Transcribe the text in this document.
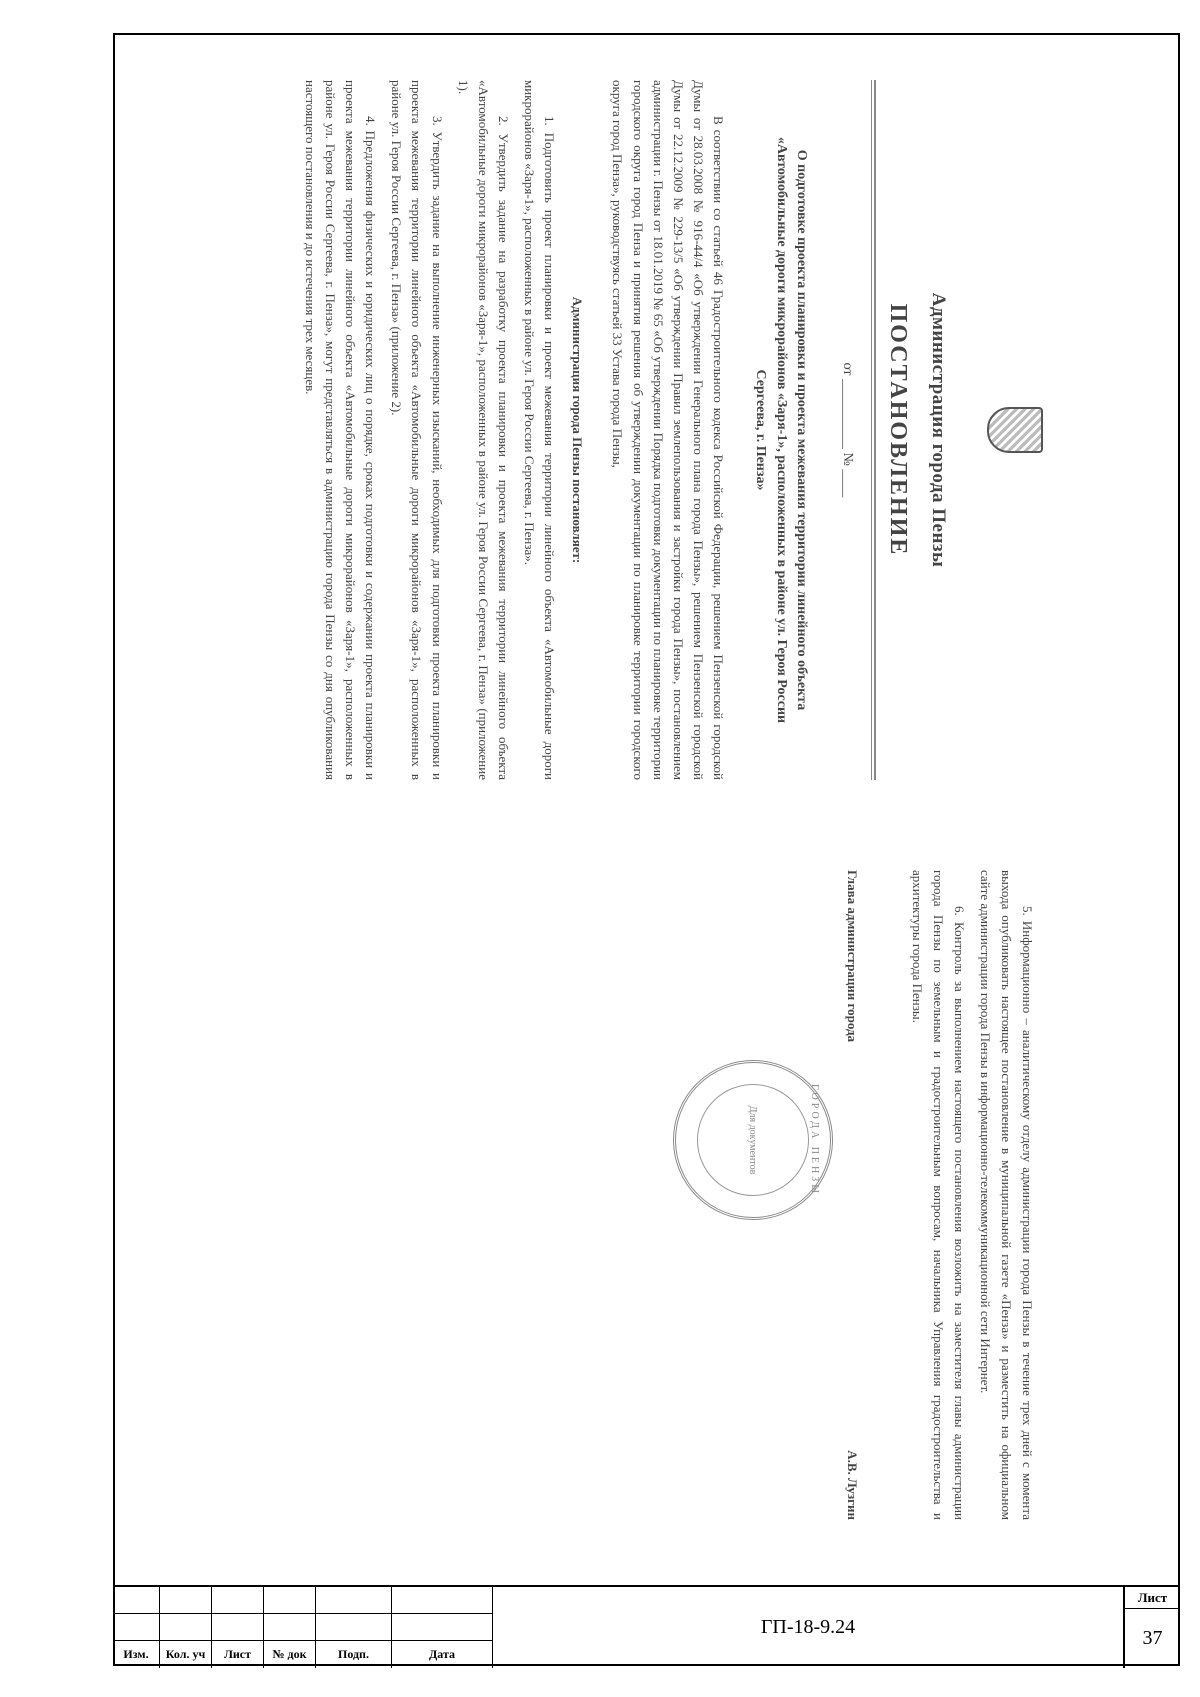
Администрация города Пензы
ПОСТАНОВЛЕНИЕ
от __________ № ____
О подготовке проекта планировки и проекта межевания территории линейного объекта «Автомобильные дороги микрорайонов «Заря-1», расположенных в районе ул. Героя России Сергеева, г. Пенза»
В соответствии со статьей 46 Градостроительного кодекса Российской Федерации, решением Пензенской городской Думы от 28.03.2008 № 916-44/4 «Об утверждении Генерального плана города Пензы», решением Пензенской городской Думы от 22.12.2009 № 229-13/5 «Об утверждении Правил землепользования и застройки города Пензы», постановлением администрации г. Пензы от 18.01.2019 № 65 «Об утверждении Порядка подготовки документации по планировке территории городского округа город Пенза и принятия решения об утверждении документации по планировке территории городского округа город Пенза», руководствуясь статьей 33 Устава города Пензы,
Администрация города Пензы постановляет:
1. Подготовить проект планировки и проект межевания территории линейного объекта «Автомобильные дороги микрорайонов «Заря-1», расположенных в районе ул. Героя России Сергеева, г. Пенза».
2. Утвердить задание на разработку проекта планировки и проекта межевания территории линейного объекта «Автомобильные дороги микрорайонов «Заря-1», расположенных в районе ул. Героя России Сергеева, г. Пенза» (приложение 1).
3. Утвердить задание на выполнение инженерных изысканий, необходимых для подготовки проекта планировки и проекта межевания территории линейного объекта «Автомобильные дороги микрорайонов «Заря-1», расположенных в районе ул. Героя России Сергеева, г. Пенза» (приложение 2).
4. Предложения физических и юридических лиц о порядке, сроках подготовки и содержании проекта планировки и проекта межевания территории линейного объекта «Автомобильные дороги микрорайонов «Заря-1», расположенных в районе ул. Героя России Сергеева, г. Пенза», могут представляться в администрацию города Пензы со дня опубликования настоящего постановления и до истечения трех месяцев.
5. Информационно – аналитическому отделу администрации города Пензы в течение трех дней с момента выхода опубликовать настоящее постановление в муниципальной газете «Пенза» и разместить на официальном сайте администрации города Пензы в информационно-телекоммуникационной сети Интернет.
6. Контроль за выполнением настоящего постановления возложить на заместителя главы администрации города Пензы по земельным и градостроительным вопросам, начальника Управления градостроительства и архитектуры города Пензы.
Глава администрации города
А.В. Лузгин
ГОРОДА ПЕНЗЫ
Для документов
Изм.	Кол. уч	Лист	№ док	Подп.	Дата
ГП-18-9.24
Лист
37
